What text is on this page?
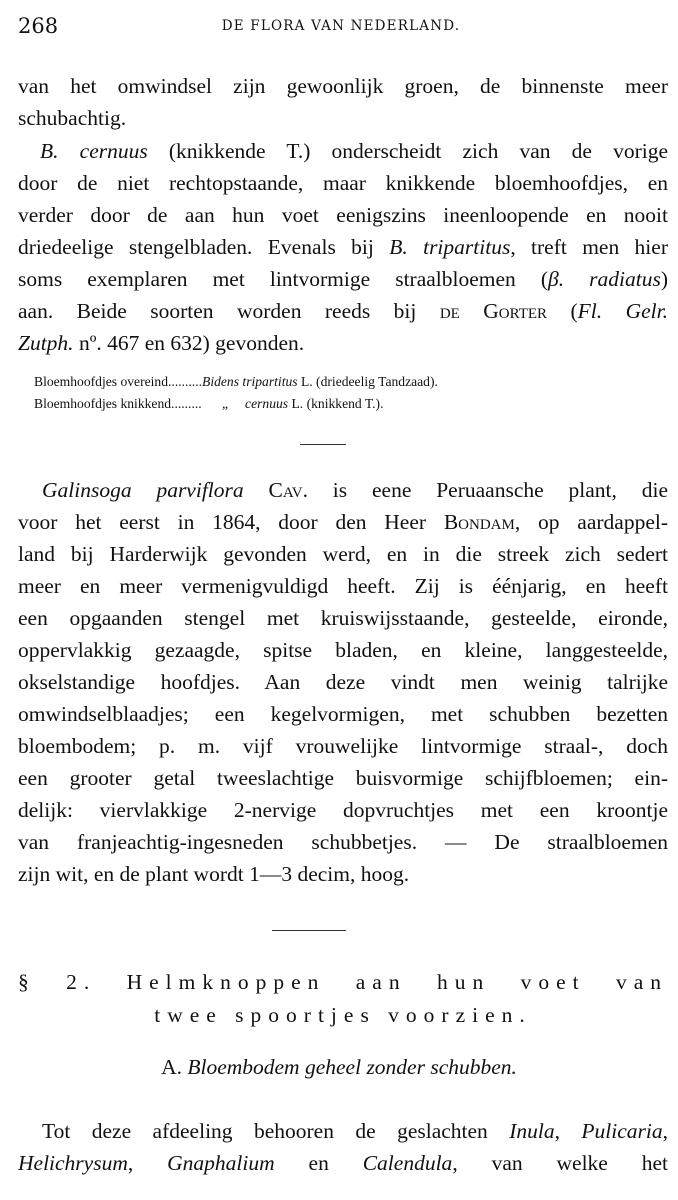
268	DE FLORA VAN NEDERLAND.
van het omwindsel zijn gewoonlijk groen, de binnenste meer
schubachtig.
B. cernuus (knikkende T.) onderscheidt zich van de vorige
door de niet rechtopstaande, maar knikkende bloemhoofdjes, en
verder door de aan hun voet eenigszins ineenloopende en nooit
driedeelige stengelbladen. Evenals bij B. tripartitus, treft men hier
soms exemplaren met lintvormige straalbloemen (β. radiatus)
aan. Beide soorten worden reeds bij de Gorter (Fl. Gelr.
Zutph. nº. 467 en 632) gevonden.
Bloemhoofdjes overeind..........Bidens tripartitus L. (driedeelig Tandzaad).
Bloemhoofdjes knikkend......... „ cernuus L. (knikkend T.).
Galinsoga parviflora Cav. is eene Peruaansche plant, die
voor het eerst in 1864, door den Heer Bondam, op aardappel-
land bij Harderwijk gevonden werd, en in die streek zich sedert
meer en meer vermenigvuldigd heeft. Zij is éénjarig, en heeft
een opgaanden stengel met kruiswijsstaande, gesteelde, eironde,
oppervlakkig gezaagde, spitse bladen, en kleine, langgesteelde,
okselstandige hoofdjes. Aan deze vindt men weinig talrijke
omwindselblaadjes; een kegelvormigen, met schubben bezetten
bloembodem; p. m. vijf vrouwelijke lintvormige straal-, doch
een grooter getal tweeslachtige buisvormige schijfbloemen; ein-
delijk: viervlakkige 2-nervige dopvruchtjes met een kroontje
van franjeachtig-ingesneden schubbetjes. — De straalbloemen
zijn wit, en de plant wordt 1—3 decim, hoog.
§ 2. Helmknoppen aan hun voet van
twee spoortjes voorzien.
A. Bloembodem geheel zonder schubben.
Tot deze afdeeling behooren de geslachten Inula, Pulicaria,
Helichrysum, Gnaphalium en Calendula, van welke het
